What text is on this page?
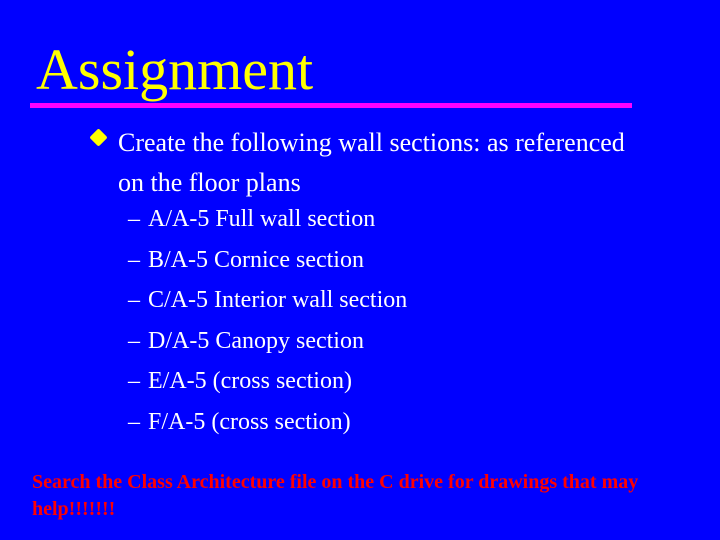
Assignment
Create the following wall sections: as referenced on the floor plans
– A/A-5 Full wall section
– B/A-5 Cornice section
– C/A-5 Interior wall section
– D/A-5 Canopy section
– E/A-5 (cross section)
– F/A-5 (cross section)
Search the Class Architecture file on the C drive for drawings that may help!!!!!!!
